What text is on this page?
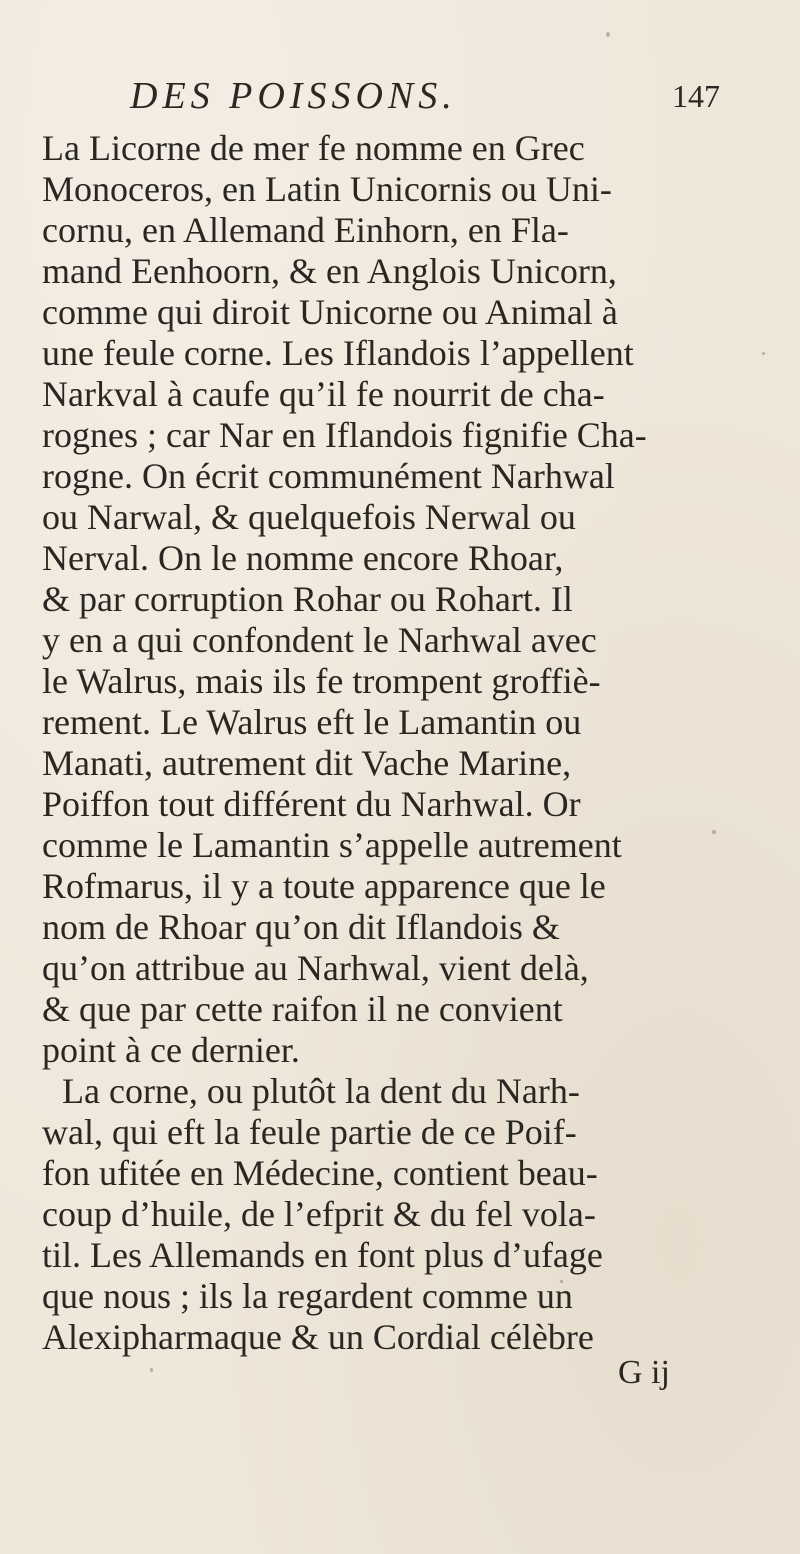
DES POISSONS.	147
La Licorne de mer fe nomme en Grec
Monoceros, en Latin Unicornis ou Uni-
cornu, en Allemand Einhorn, en Fla-
mand Eenhoorn, & en Anglois Unicorn,
comme qui diroit Unicorne ou Animal à
une feule corne. Les Iflandois l’appellent
Narkval à caufe qu’il fe nourrit de cha-
rognes ; car Nar en Iflandois fignifie Cha-
rogne. On écrit communément Narhwal
ou Narwal, & quelquefois Nerwal ou
Nerval. On le nomme encore Rhoar,
& par corruption Rohar ou Rohart. Il
y en a qui confondent le Narhwal avec
le Walrus, mais ils fe trompent groffiè-
rement. Le Walrus eft le Lamantin ou
Manati, autrement dit Vache Marine,
Poiffon tout différent du Narhwal. Or
comme le Lamantin s’appelle autrement
Rofmarus, il y a toute apparence que le
nom de Rhoar qu’on dit Iflandois &
qu’on attribue au Narhwal, vient delà,
& que par cette raifon il ne convient
point à ce dernier.
La corne, ou plutôt la dent du Narh-
wal, qui eft la feule partie de ce Poif-
fon ufitée en Médecine, contient beau-
coup d’huile, de l’efprit & du fel vola-
til. Les Allemands en font plus d’ufage
que nous ; ils la regardent comme un
Alexipharmaque & un Cordial célèbre
G ij
